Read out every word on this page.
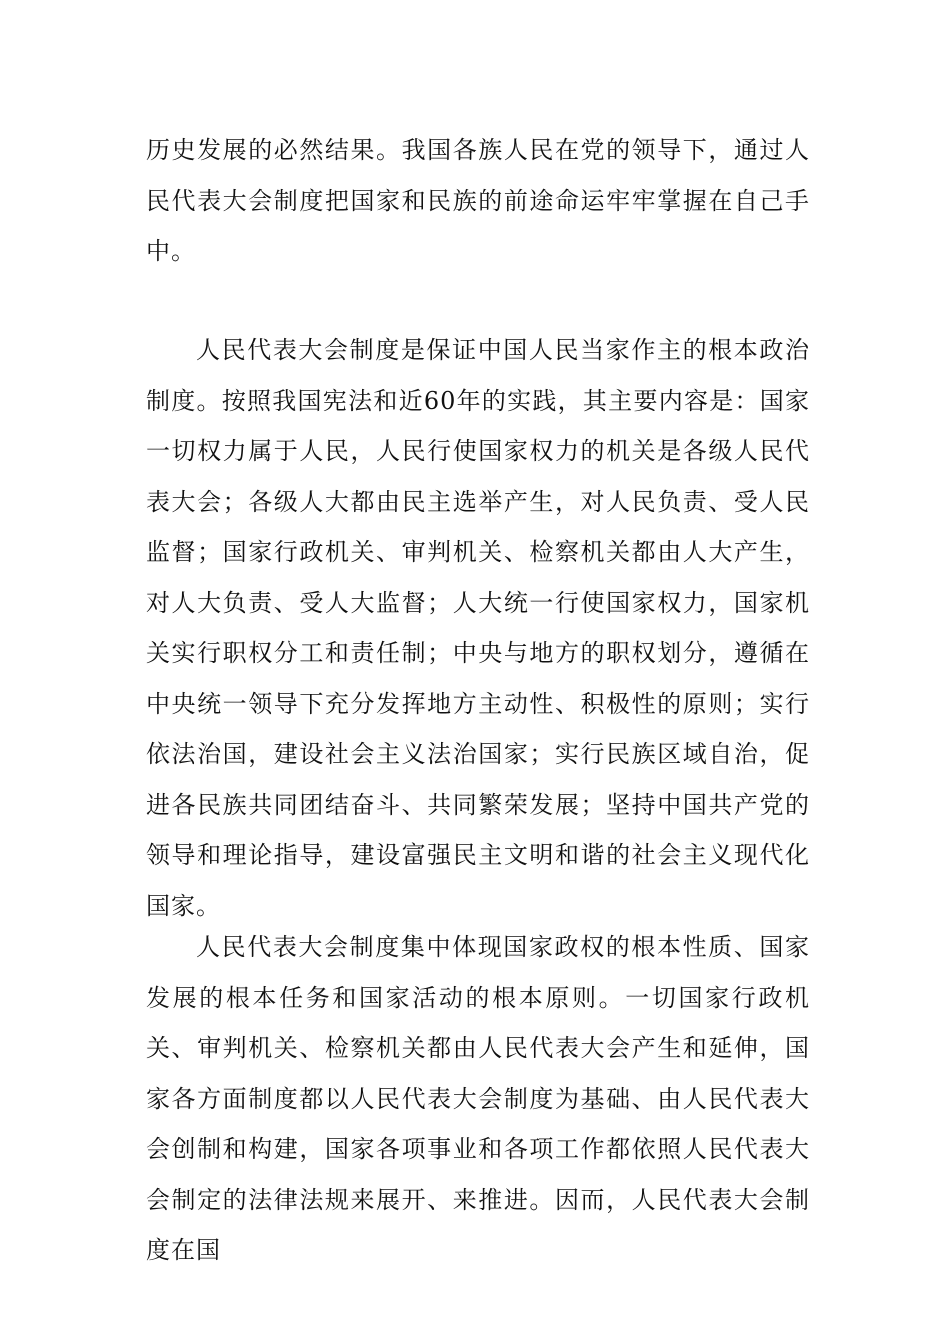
历史发展的必然结果。我国各族人民在党的领导下，通过人民代表大会制度把国家和民族的前途命运牢牢掌握在自己手中。

人民代表大会制度是保证中国人民当家作主的根本政治制度。按照我国宪法和近60年的实践，其主要内容是：国家一切权力属于人民，人民行使国家权力的机关是各级人民代表大会；各级人大都由民主选举产生，对人民负责、受人民监督；国家行政机关、审判机关、检察机关都由人大产生，对人大负责、受人大监督；人大统一行使国家权力，国家机关实行职权分工和责任制；中央与地方的职权划分，遵循在中央统一领导下充分发挥地方主动性、积极性的原则；实行依法治国，建设社会主义法治国家；实行民族区域自治，促进各民族共同团结奋斗、共同繁荣发展；坚持中国共产党的领导和理论指导，建设富强民主文明和谐的社会主义现代化国家。

人民代表大会制度集中体现国家政权的根本性质、国家发展的根本任务和国家活动的根本原则。一切国家行政机关、审判机关、检察机关都由人民代表大会产生和延伸，国家各方面制度都以人民代表大会制度为基础、由人民代表大会创制和构建，国家各项事业和各项工作都依照人民代表大会制定的法律法规来展开、来推进。因而，人民代表大会制度在国
